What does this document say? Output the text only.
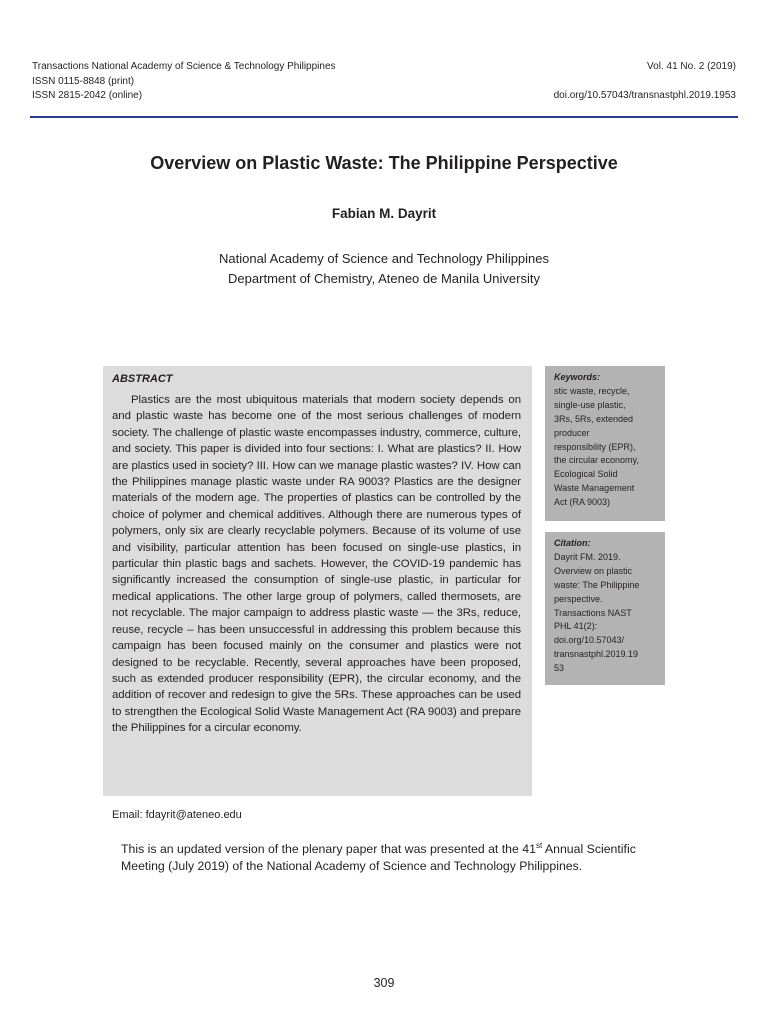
Transactions National Academy of Science & Technology Philippines
ISSN 0115-8848 (print)
ISSN 2815-2042 (online)
Vol. 41 No. 2 (2019)
doi.org/10.57043/transnastphl.2019.1953
Overview on Plastic Waste: The Philippine Perspective
Fabian M. Dayrit
National Academy of Science and Technology Philippines
Department of Chemistry, Ateneo de Manila University
ABSTRACT

Plastics are the most ubiquitous materials that modern society depends on and plastic waste has become one of the most serious challenges of modern society. The challenge of plastic waste encompasses industry, commerce, culture, and society. This paper is divided into four sections: I. What are plastics? II. How are plastics used in society? III. How can we manage plastic wastes? IV. How can the Philippines manage plastic waste under RA 9003? Plastics are the designer materials of the modern age. The properties of plastics can be controlled by the choice of polymer and chemical additives. Although there are numerous types of polymers, only six are clearly recyclable polymers. Because of its volume of use and visibility, particular attention has been focused on single-use plastics, in particular thin plastic bags and sachets. However, the COVID-19 pandemic has significantly increased the consumption of single-use plastic, in particular for medical applications. The other large group of polymers, called thermosets, are not recyclable. The major campaign to address plastic waste — the 3Rs, reduce, reuse, recycle – has been unsuccessful in addressing this problem because this campaign has been focused mainly on the consumer and plastics were not designed to be recyclable. Recently, several approaches have been proposed, such as extended producer responsibility (EPR), the circular economy, and the addition of recover and redesign to give the 5Rs. These approaches can be used to strengthen the Ecological Solid Waste Management Act (RA 9003) and prepare the Philippines for a circular economy.

Keywords:
stic waste, recycle,
single-use plastic,
3Rs, 5Rs, extended
producer
responsibility (EPR),
the circular economy,
Ecological Solid
Waste Management
Act (RA 9003)
Citation:
Dayrit FM. 2019.
Overview on plastic
waste: The Philippine
perspective.
Transactions NAST
PHL 41(2):
doi.org/10.57043/
transnastphl.2019.19
53
Email: fdayrit@ateneo.edu
This is an updated version of the plenary paper that was presented at the 41st Annual Scientific Meeting (July 2019) of the National Academy of Science and Technology Philippines.
309
